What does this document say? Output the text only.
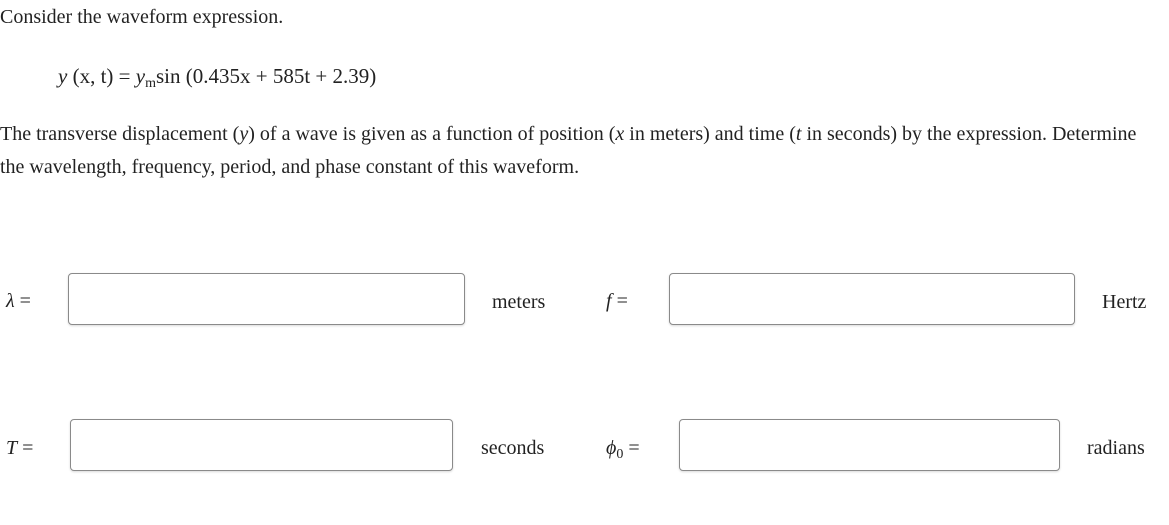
Consider the waveform expression.
y (x, $t) = y_m\sin$ (0.435x + 585t + 2.39)
The transverse displacement (y) of a wave is given as a function of position (x in meters) and time (t in seconds) by the expression. Determine the wavelength, frequency, period, and phase constant of this waveform.
λ =	meters	f =	Hertz
T =	seconds	$\phi_0$ =	radians
